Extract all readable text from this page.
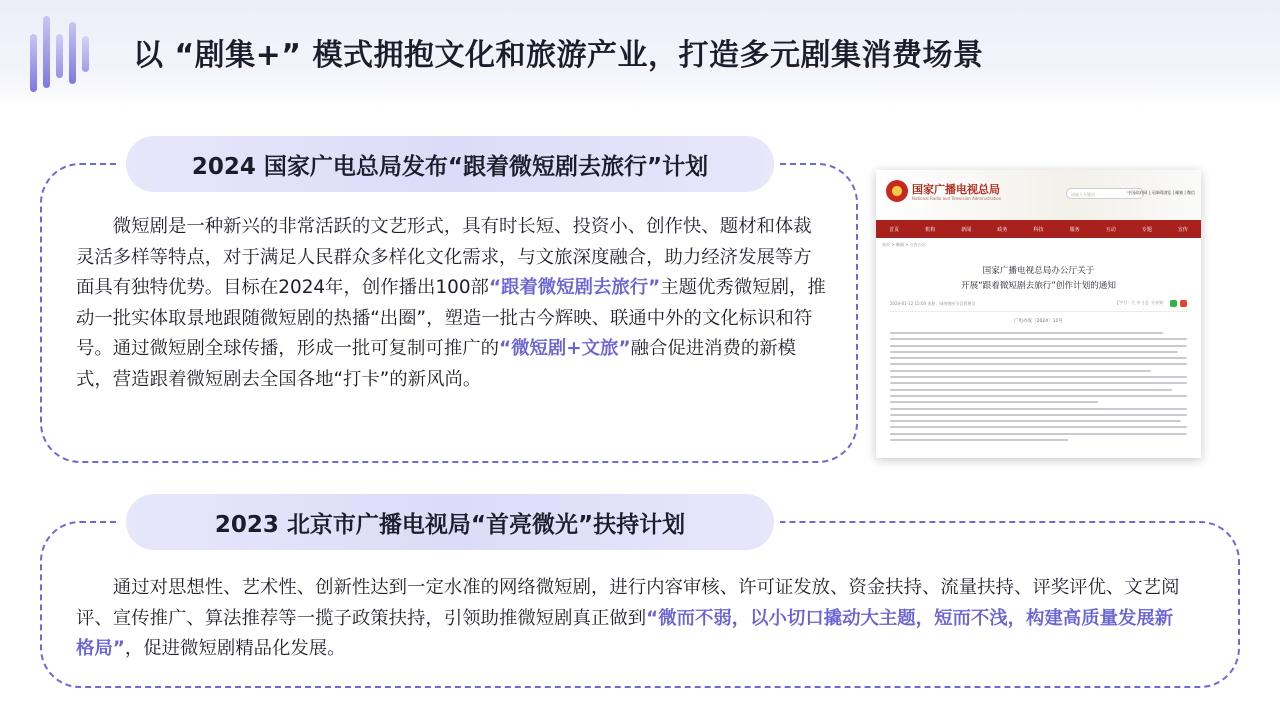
以 “剧集+” 模式拥抱文化和旅游产业，打造多元剧集消费场景
2024 国家广电总局发布“跟着微短剧去旅行”计划
微短剧是一种新兴的非常活跃的文艺形式，具有时长短、投资小、创作快、题材和体裁灵活多样等特点，对于满足人民群众多样化文化需求，与文旅深度融合，助力经济发展等方面具有独特优势。目标在2024年，创作播出100部“跟着微短剧去旅行”主题优秀微短剧，推动一批实体取景地跟随微短剧的热播“出圈”，塑造一批古今辉映、联通中外的文化标识和符号。通过微短剧全球传播，形成一批可复制可推广的“微短剧+文旅”融合促进消费的新模式，营造跟着微短剧去全国各地“打卡”的新风尚。
国家广播电视总局
National Radio and Television Administration
请输入关键词	中国政府网 | 无障碍浏览 | 邮箱 | 微信
首页	机构	新闻	政务	科技	服务	互动	专题	宣传
首页 > 新闻 > 公告公示
国家广播电视总局办公厅关于
开展“跟着微短剧去旅行”创作计划的通知
2024-01-12 15:04 来源：网络视听节目管理司	【字号：大 中 小】 分享到：
广电办发〔2024〕11号
2023 北京市广播电视局“首亮微光”扶持计划
通过对思想性、艺术性、创新性达到一定水准的网络微短剧，进行内容审核、许可证发放、资金扶持、流量扶持、评奖评优、文艺阅评、宣传推广、算法推荐等一揽子政策扶持，引领助推微短剧真正做到“微而不弱，以小切口撬动大主题，短而不浅，构建高质量发展新格局”，促进微短剧精品化发展。
